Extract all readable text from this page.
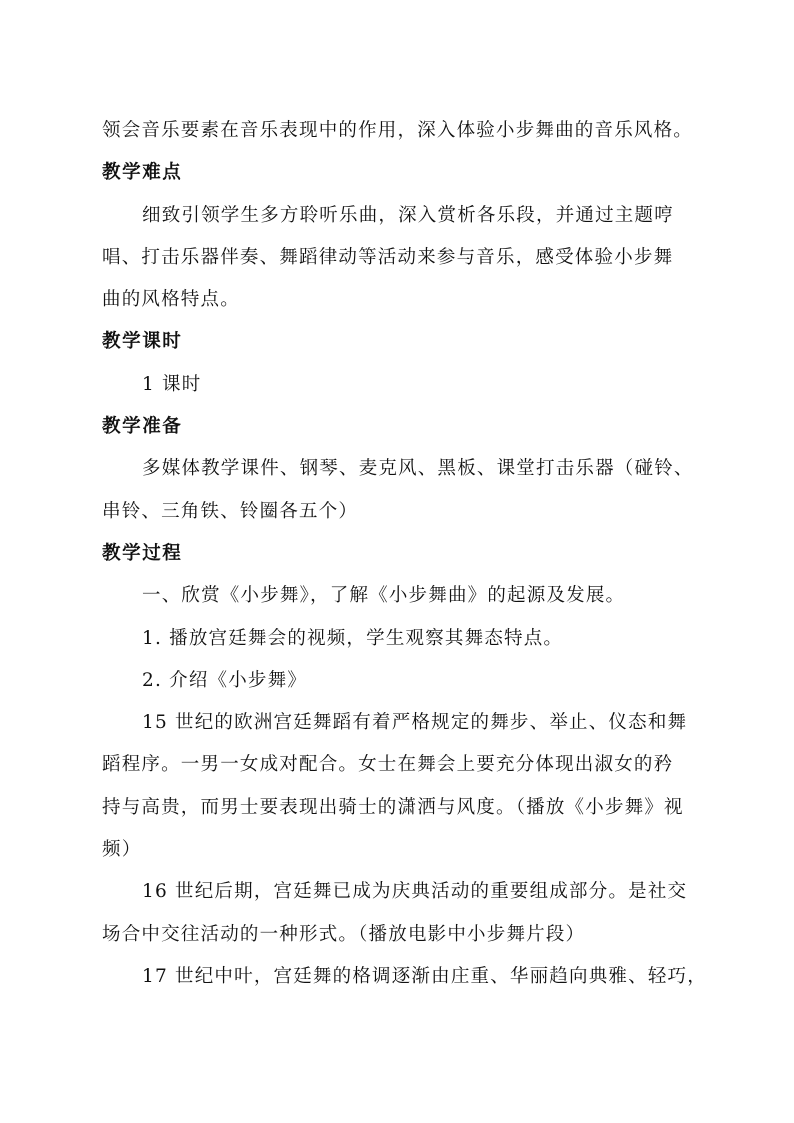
领会音乐要素在音乐表现中的作用，深入体验小步舞曲的音乐风格。
教学难点
细致引领学生多方聆听乐曲，深入赏析各乐段，并通过主题哼
唱、打击乐器伴奏、舞蹈律动等活动来参与音乐，感受体验小步舞
曲的风格特点。
教学课时
1 课时
教学准备
多媒体教学课件、钢琴、麦克风、黑板、课堂打击乐器（碰铃、
串铃、三角铁、铃圈各五个）
教学过程
一、欣赏《小步舞》，了解《小步舞曲》的起源及发展。
1. 播放宫廷舞会的视频，学生观察其舞态特点。
2. 介绍《小步舞》
15 世纪的欧洲宫廷舞蹈有着严格规定的舞步、举止、仪态和舞
蹈程序。一男一女成对配合。女士在舞会上要充分体现出淑女的矜
持与高贵，而男士要表现出骑士的潇洒与风度。（播放《小步舞》视
频）
16 世纪后期，宫廷舞已成为庆典活动的重要组成部分。是社交
场合中交往活动的一种形式。（播放电影中小步舞片段）
17 世纪中叶，宫廷舞的格调逐渐由庄重、华丽趋向典雅、轻巧，
